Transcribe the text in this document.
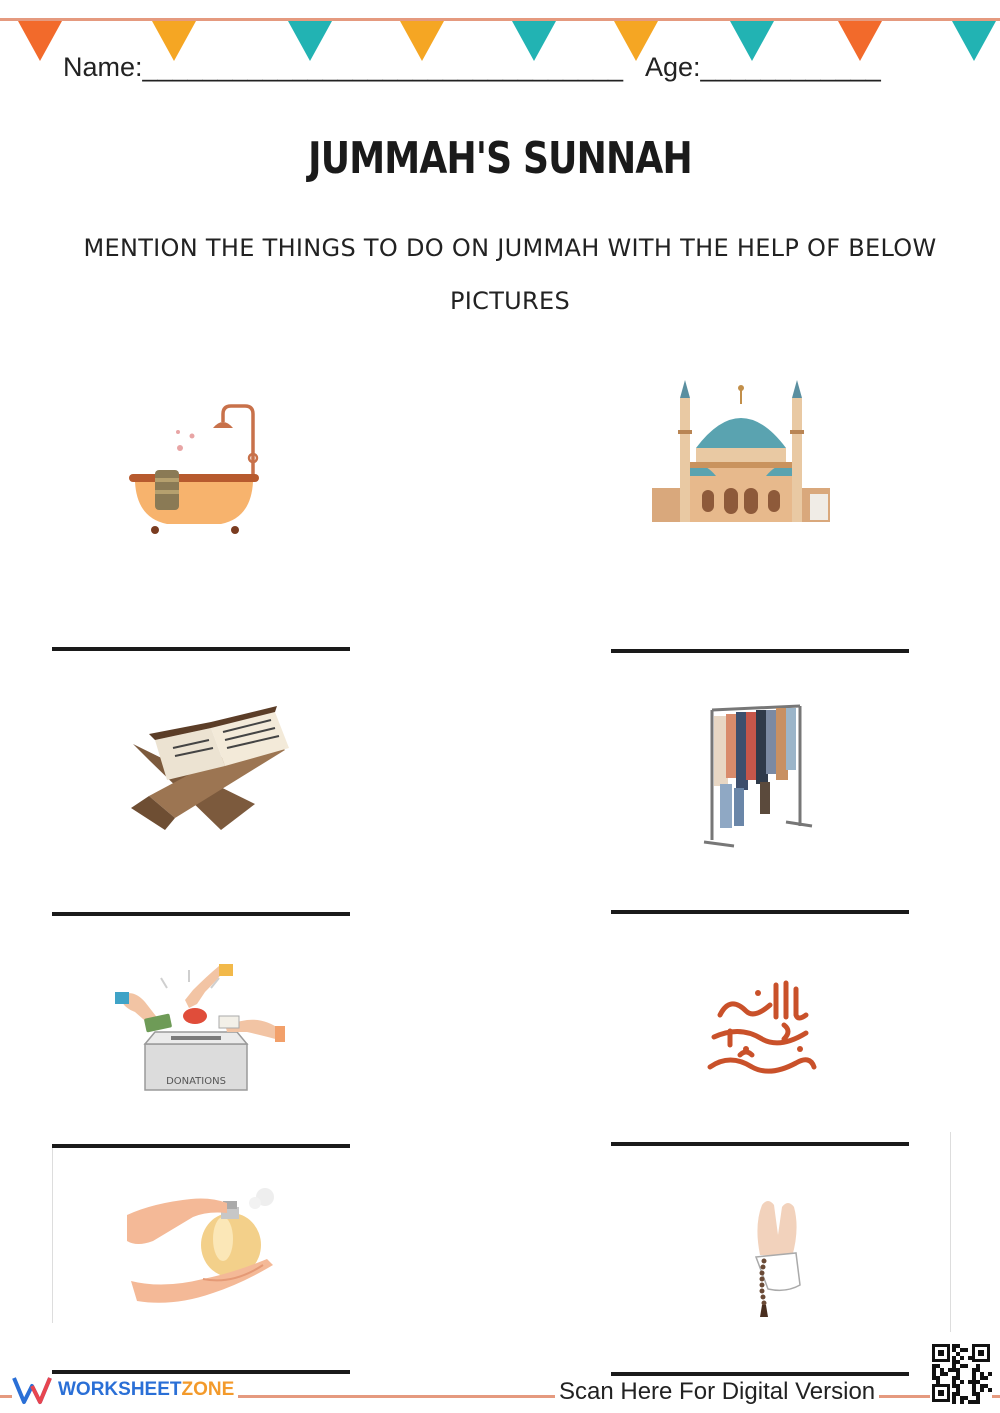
Name:________________________________ Age:____________
JUMMAH'S SUNNAH
MENTION THE THINGS TO DO ON JUMMAH WITH THE HELP OF BELOW PICTURES
DONATIONS
WORKSHEETZONE	Scan Here For Digital Version
